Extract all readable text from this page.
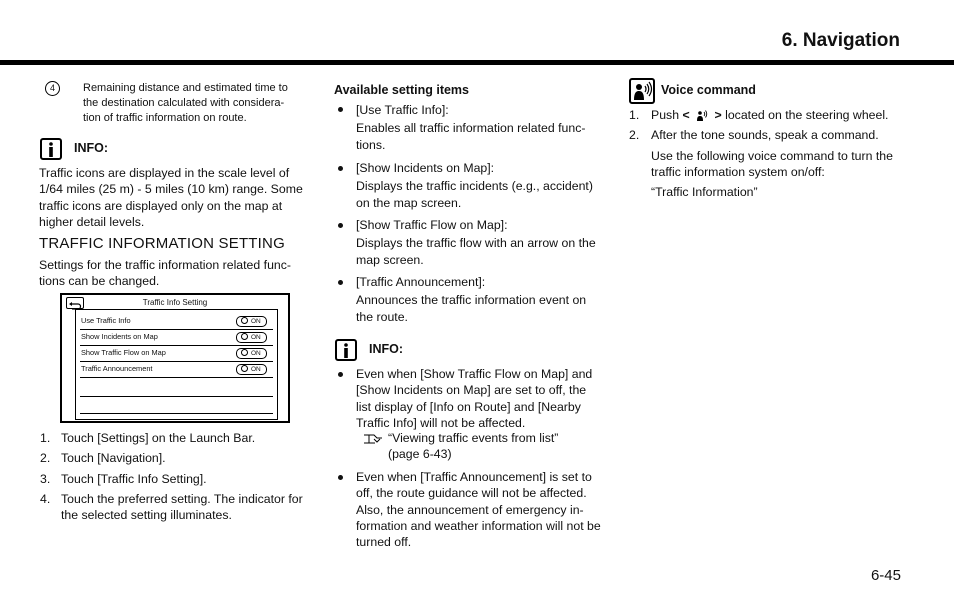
6. Navigation
4	Remaining distance and estimated time to
the destination calculated with considera-
tion of traffic information on route.
INFO:
Traffic icons are displayed in the scale level of
1/64 miles (25 m) - 5 miles (10 km) range. Some
traffic icons are displayed only on the map at
higher detail levels.
TRAFFIC INFORMATION SETTING
Settings for the traffic information related func-
tions can be changed.
Traffic Info Setting
Use Traffic Info	ON
Show Incidents on Map	ON
Show Traffic Flow on Map	ON
Traffic Announcement	ON
1. Touch [Settings] on the Launch Bar.
2. Touch [Navigation].
3. Touch [Traffic Info Setting].
4. Touch the preferred setting. The indicator for
the selected setting illuminates.
Available setting items
[Use Traffic Info]:
Enables all traffic information related func-
tions.
[Show Incidents on Map]:
Displays the traffic incidents (e.g., accident)
on the map screen.
[Show Traffic Flow on Map]:
Displays the traffic flow with an arrow on the
map screen.
[Traffic Announcement]:
Announces the traffic information event on
the route.
INFO:
Even when [Show Traffic Flow on Map] and
[Show Incidents on Map] are set to off, the
list display of [Info on Route] and [Nearby
Traffic Info] will not be affected.
“Viewing traffic events from list”
(page 6-43)
Even when [Traffic Announcement] is set to
off, the route guidance will not be affected.
Also, the announcement of emergency in-
formation and weather information will not be
turned off.
Voice command
1. Push < > located on the steering wheel.
2. After the tone sounds, speak a command.
Use the following voice command to turn the
traffic information system on/off:
“Traffic Information”
6-45
